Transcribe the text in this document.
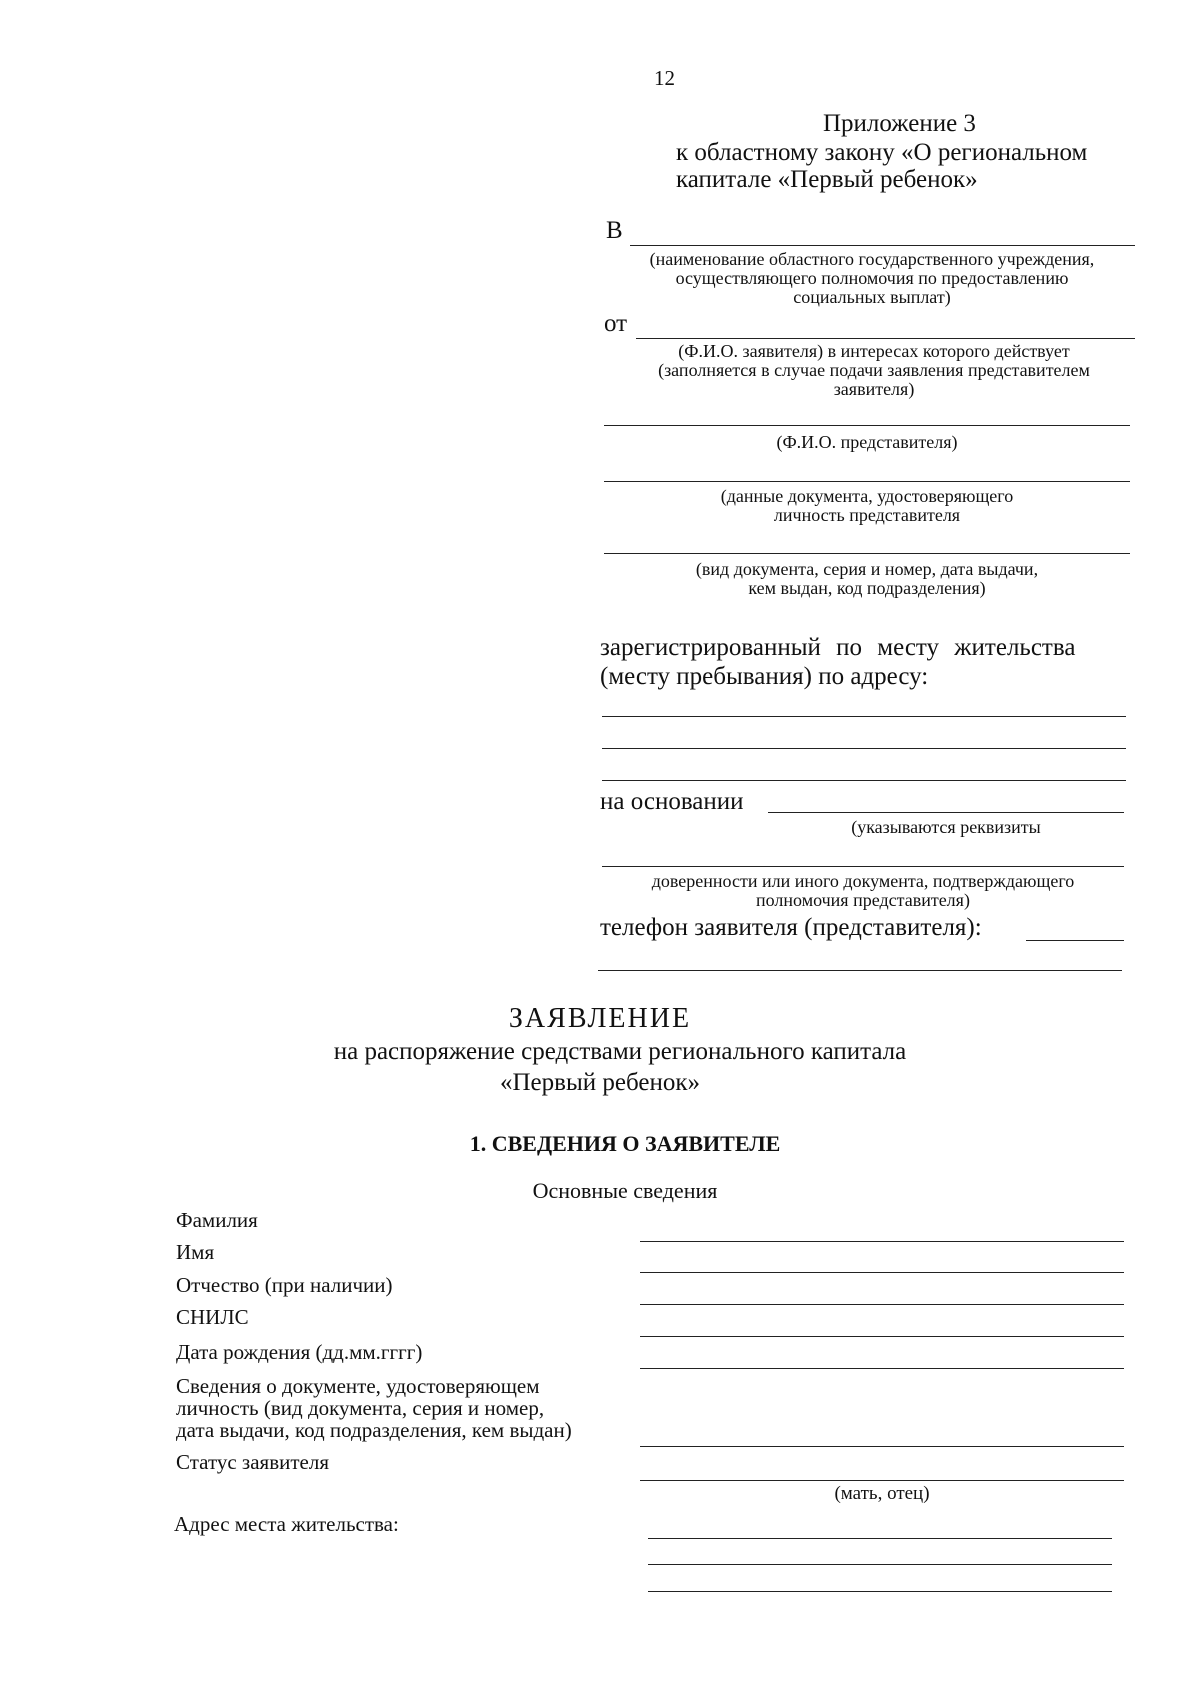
12
Приложение 3
к областному закону «О региональном
капитале «Первый ребенок»
В
(наименование областного государственного учреждения,
осуществляющего полномочия по предоставлению
социальных выплат)
от
(Ф.И.О. заявителя) в интересах которого действует
(заполняется в случае подачи заявления представителем
заявителя)
(Ф.И.О. представителя)
(данные документа, удостоверяющего
личность представителя
(вид документа, серия и номер, дата выдачи,
кем выдан, код подразделения)
зарегистрированный по месту жительства
(месту пребывания) по адресу:
на основании
(указываются реквизиты
доверенности или иного документа, подтверждающего
полномочия представителя)
телефон заявителя (представителя):
ЗАЯВЛЕНИЕ
на распоряжение средствами регионального капитала
«Первый ребенок»
1. СВЕДЕНИЯ О ЗАЯВИТЕЛЕ
Основные сведения
Фамилия
Имя
Отчество (при наличии)
СНИЛС
Дата рождения (дд.мм.гггг)
Сведения о документе, удостоверяющем
личность (вид документа, серия и номер,
дата выдачи, код подразделения, кем выдан)
Статус заявителя
(мать, отец)
Адрес места жительства:
